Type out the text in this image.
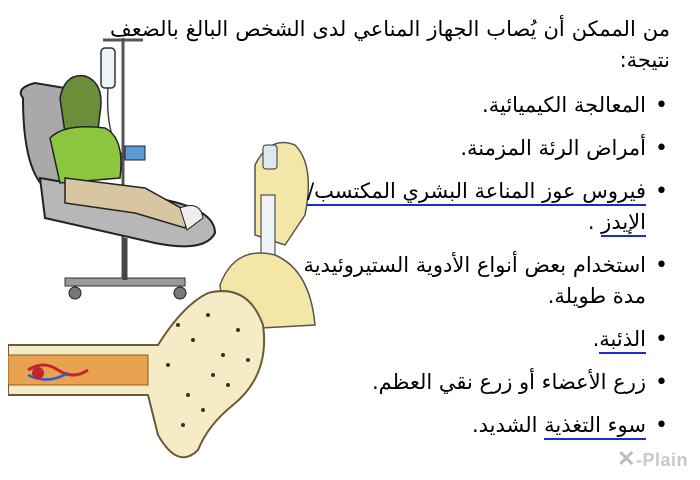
من الممكن أن يُصاب الجهاز المناعي لدى الشخص البالغ بالضعف نتيجة:

• المعالجة الكيميائية.
• أمراض الرئة المزمنة.
• فيروس عوز المناعة البشري المكتسب/الإيدز .
• استخدام بعض أنواع الأدوية الستيروئيدية مدة طويلة.
• الذئبة.
• زرع الأعضاء أو زرع نقي العظم.
• سوء التغذية الشديد.
✕-Plain
